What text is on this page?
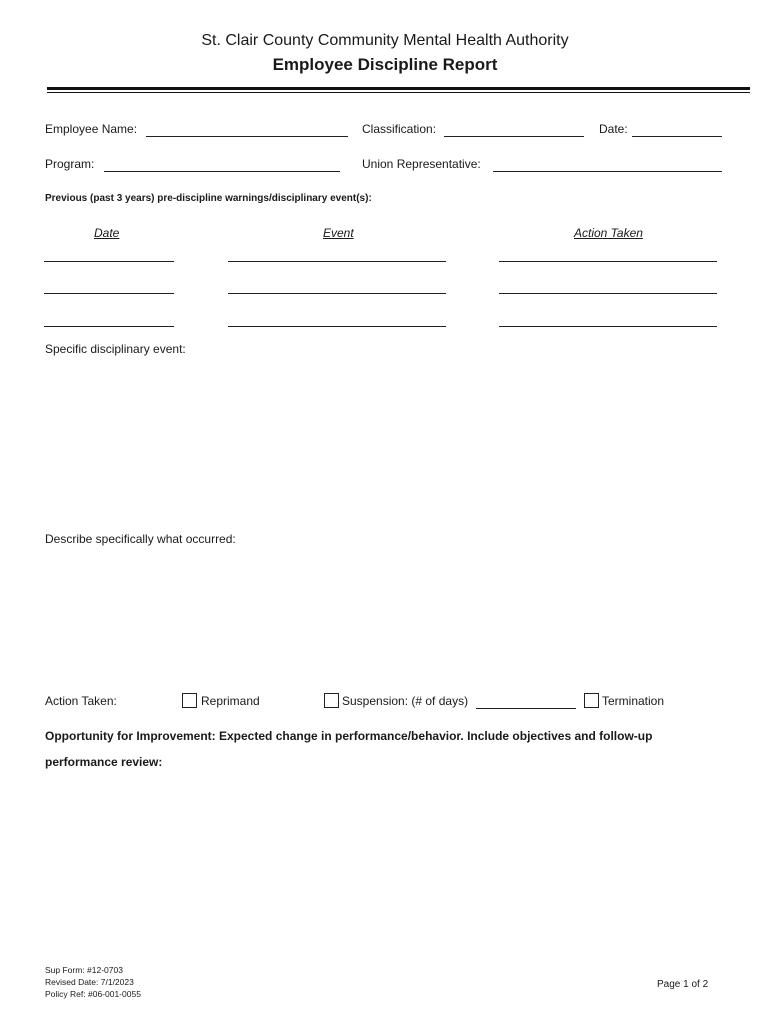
St. Clair County Community Mental Health Authority
Employee Discipline Report
Employee Name:	Classification:	Date:
Program:	Union Representative:
Previous (past 3 years) pre-discipline warnings/disciplinary event(s):
Date	Event	Action Taken
Specific disciplinary event:
Describe specifically what occurred:
Action Taken:	Reprimand	Suspension: (# of days)	Termination
Opportunity for Improvement: Expected change in performance/behavior. Include objectives and follow-up
performance review:
Sup Form: #12-0703
Revised Date: 7/1/2023
Policy Ref: #06-001-0055
Page 1 of 2
